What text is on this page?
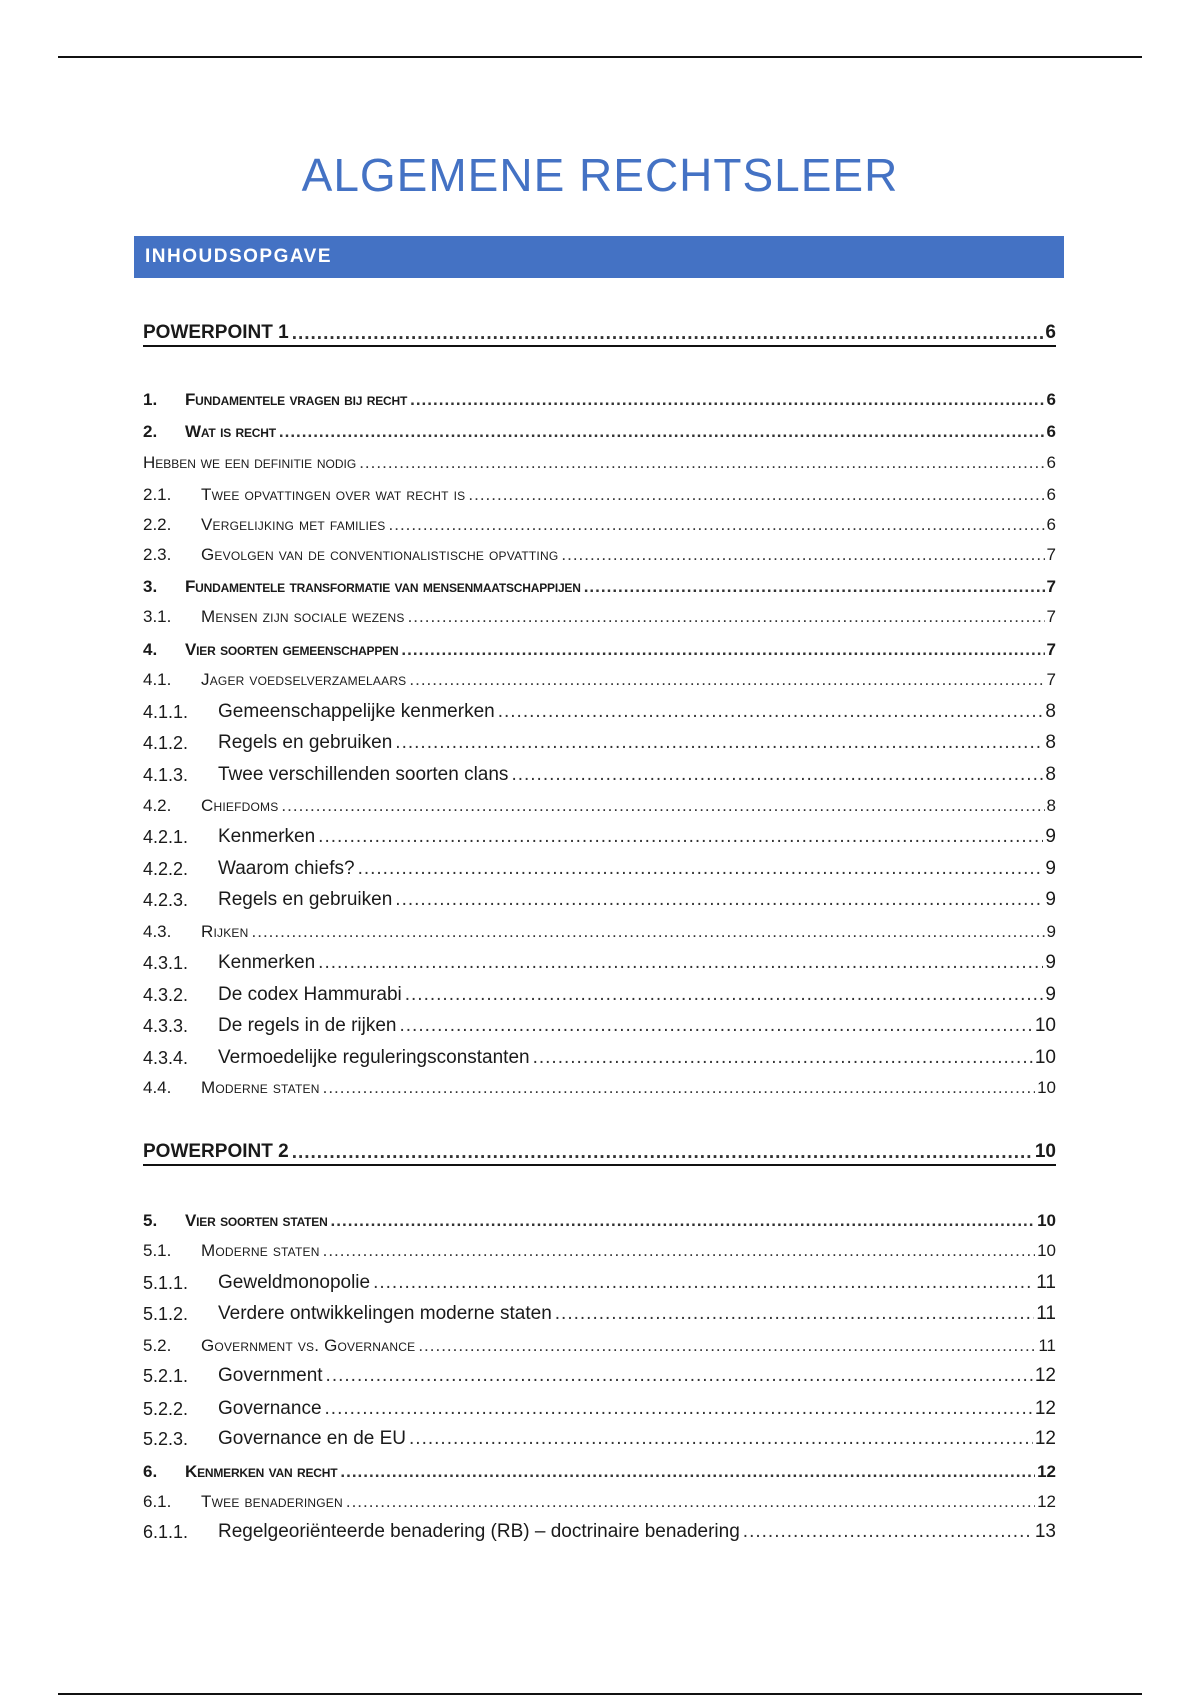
ALGEMENE RECHTSLEER
INHOUDSOPGAVE
POWERPOINT 1 .....	6
1.	Fundamentele vragen bij recht .....	6
2.	Wat is recht .....	6
Hebben we een definitie nodig .....	6
2.1.	Twee opvattingen over wat recht is .....	6
2.2.	Vergelijking met families .....	6
2.3.	Gevolgen van de conventionalistische opvatting .....	7
3.	Fundamentele transformatie van mensenmaatschappijen .....	7
3.1.	Mensen zijn sociale wezens .....	7
4.	Vier soorten gemeenschappen .....	7
4.1.	Jager voedselverzamelaars .....	7
4.1.1.	Gemeenschappelijke kenmerken .....	8
4.1.2.	Regels en gebruiken .....	8
4.1.3.	Twee verschillenden soorten clans .....	8
4.2.	Chiefdoms .....	8
4.2.1.	Kenmerken .....	9
4.2.2.	Waarom chiefs? .....	9
4.2.3.	Regels en gebruiken .....	9
4.3.	Rijken .....	9
4.3.1.	Kenmerken .....	9
4.3.2.	De codex Hammurabi .....	9
4.3.3.	De regels in de rijken .....	10
4.3.4.	Vermoedelijke reguleringsconstanten .....	10
4.4.	Moderne staten .....	10
POWERPOINT 2 .....	10
5.	Vier soorten staten .....	10
5.1.	Moderne staten .....	10
5.1.1.	Geweldmonopolie .....	11
5.1.2.	Verdere ontwikkelingen moderne staten .....	11
5.2.	Government vs. Governance .....	11
5.2.1.	Government .....	12
5.2.2.	Governance .....	12
5.2.3.	Governance en de EU .....	12
6.	Kenmerken van recht .....	12
6.1.	Twee benaderingen .....	12
6.1.1.	Regelgeoriënteerde benadering (RB) – doctrinaire benadering .....	13
